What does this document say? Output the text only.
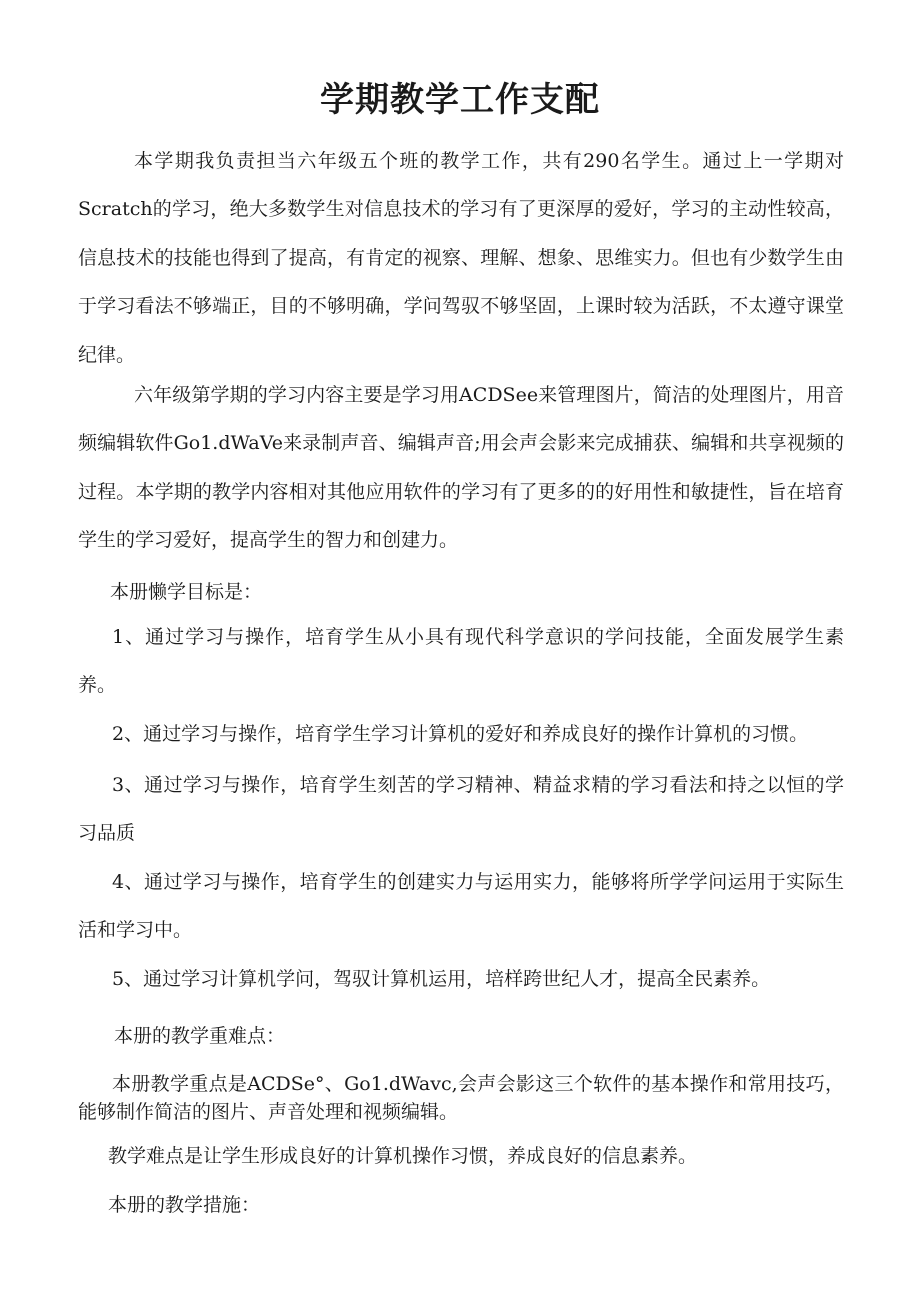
学期教学工作支配

本学期我负责担当六年级五个班的教学工作，共有290名学生。通过上一学期对Scratch的学习，绝大多数学生对信息技术的学习有了更深厚的爱好，学习的主动性较高，信息技术的技能也得到了提高，有肯定的视察、理解、想象、思维实力。但也有少数学生由于学习看法不够端正，目的不够明确，学问驾驭不够坚固，上课时较为活跃，不太遵守课堂纪律。

六年级第学期的学习内容主要是学习用ACDSee来管理图片，简洁的处理图片，用音频编辑软件Go1.dWaVe来录制声音、编辑声音;用会声会影来完成捕获、编辑和共享视频的过程。本学期的教学内容相对其他应用软件的学习有了更多的的好用性和敏捷性，旨在培育学生的学习爱好，提高学生的智力和创建力。

本册懒学目标是：

1、通过学习与操作，培育学生从小具有现代科学意识的学问技能，全面发展学生素养。

2、通过学习与操作，培育学生学习计算机的爱好和养成良好的操作计算机的习惯。

3、通过学习与操作，培育学生刻苦的学习精神、精益求精的学习看法和持之以恒的学习品质

4、通过学习与操作，培育学生的创建实力与运用实力，能够将所学学问运用于实际生活和学习中。

5、通过学习计算机学问，驾驭计算机运用，培样跨世纪人才，提高全民素养。
本册的教学重难点：

本册教学重点是ACDSe°、Go1.dWavc,会声会影这三个软件的基本操作和常用技巧，能够制作简洁的图片、声音处理和视频编辑。

教学难点是让学生形成良好的计算机操作习惯，养成良好的信息素养。
本册的教学措施：
